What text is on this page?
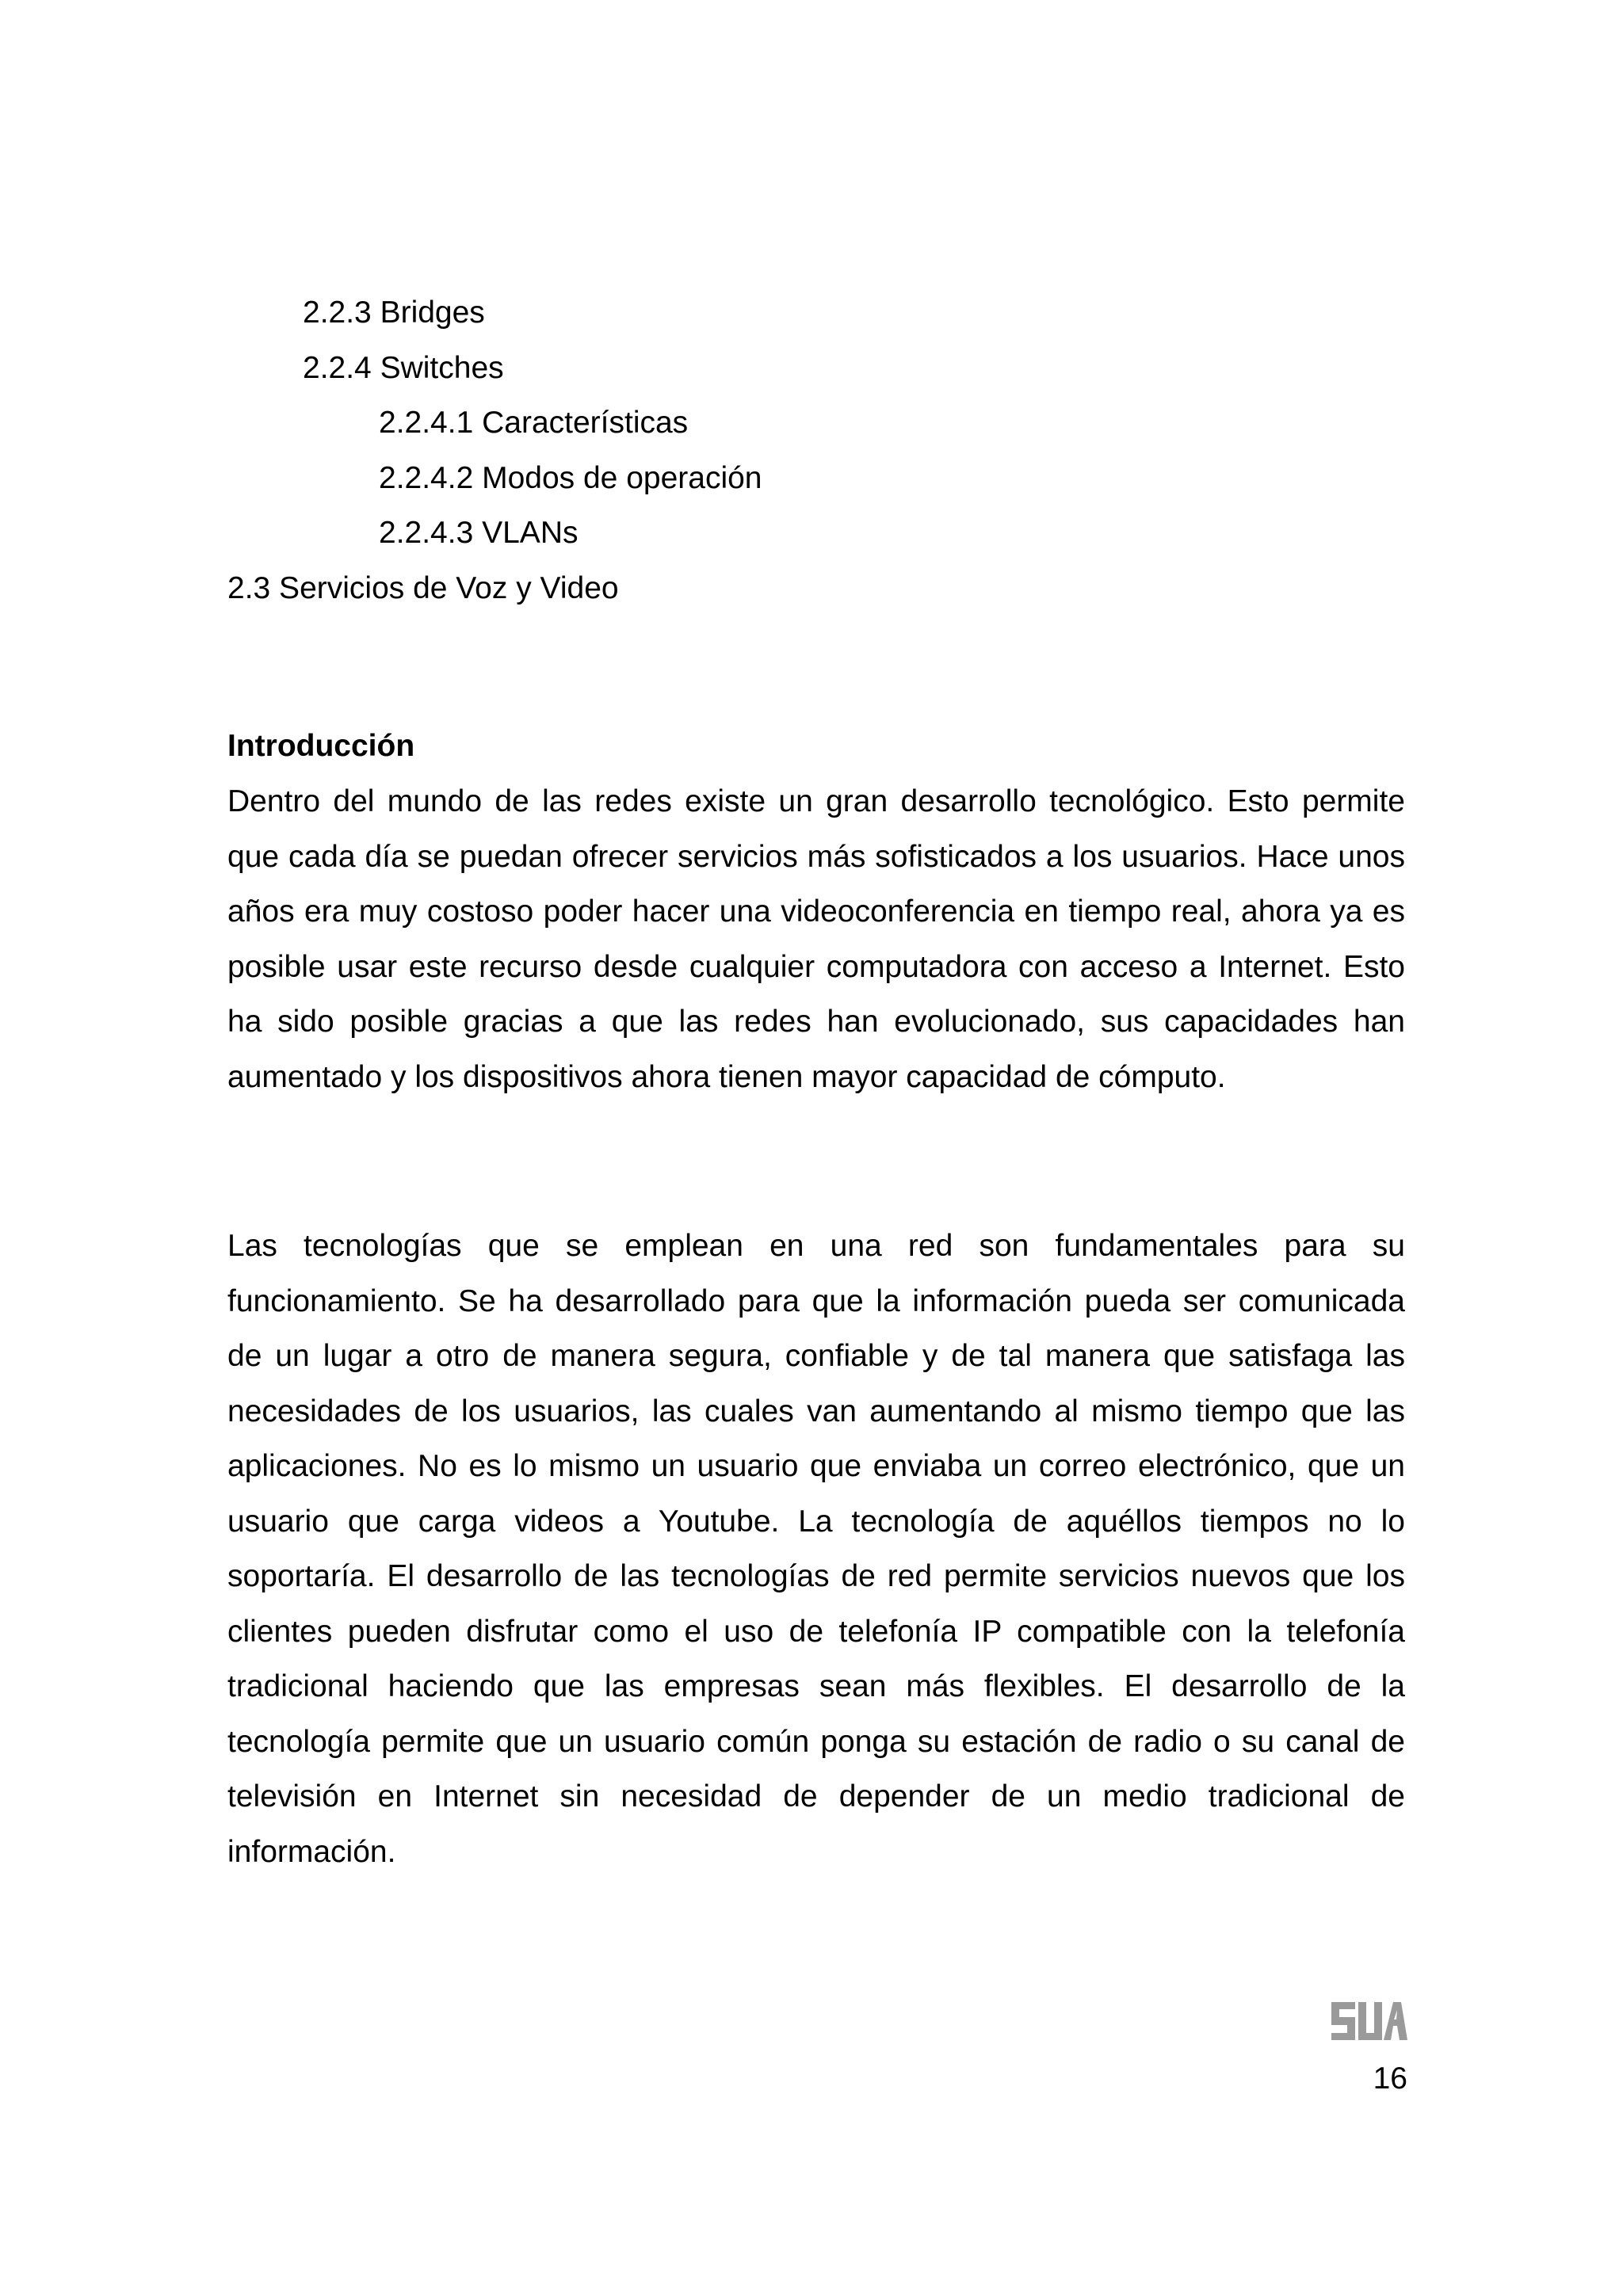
2.2.3 Bridges
2.2.4 Switches
2.2.4.1 Características
2.2.4.2 Modos de operación
2.2.4.3 VLANs
2.3 Servicios de Voz y Video
Introducción

Dentro del mundo de las redes existe un gran desarrollo tecnológico. Esto permite que cada día se puedan ofrecer servicios más sofisticados a los usuarios. Hace unos años era muy costoso poder hacer una videoconferencia en tiempo real, ahora ya es posible usar este recurso desde cualquier computadora con acceso a Internet. Esto ha sido posible gracias a que las redes han evolucionado, sus capacidades han aumentado y los dispositivos ahora tienen mayor capacidad de cómputo.

Las tecnologías que se emplean en una red son fundamentales para su funcionamiento. Se ha desarrollado para que la información pueda ser comunicada de un lugar a otro de manera segura, confiable y de tal manera que satisfaga las necesidades de los usuarios, las cuales van aumentando al mismo tiempo que las aplicaciones. No es lo mismo un usuario que enviaba un correo electrónico, que un usuario que carga videos a Youtube. La tecnología de aquéllos tiempos no lo soportaría. El desarrollo de las tecnologías de red permite servicios nuevos que los clientes pueden disfrutar como el uso de telefonía IP compatible con la telefonía tradicional haciendo que las empresas sean más flexibles. El desarrollo de la tecnología permite que un usuario común ponga su estación de radio o su canal de televisión en Internet sin necesidad de depender de un medio tradicional de información.

16
